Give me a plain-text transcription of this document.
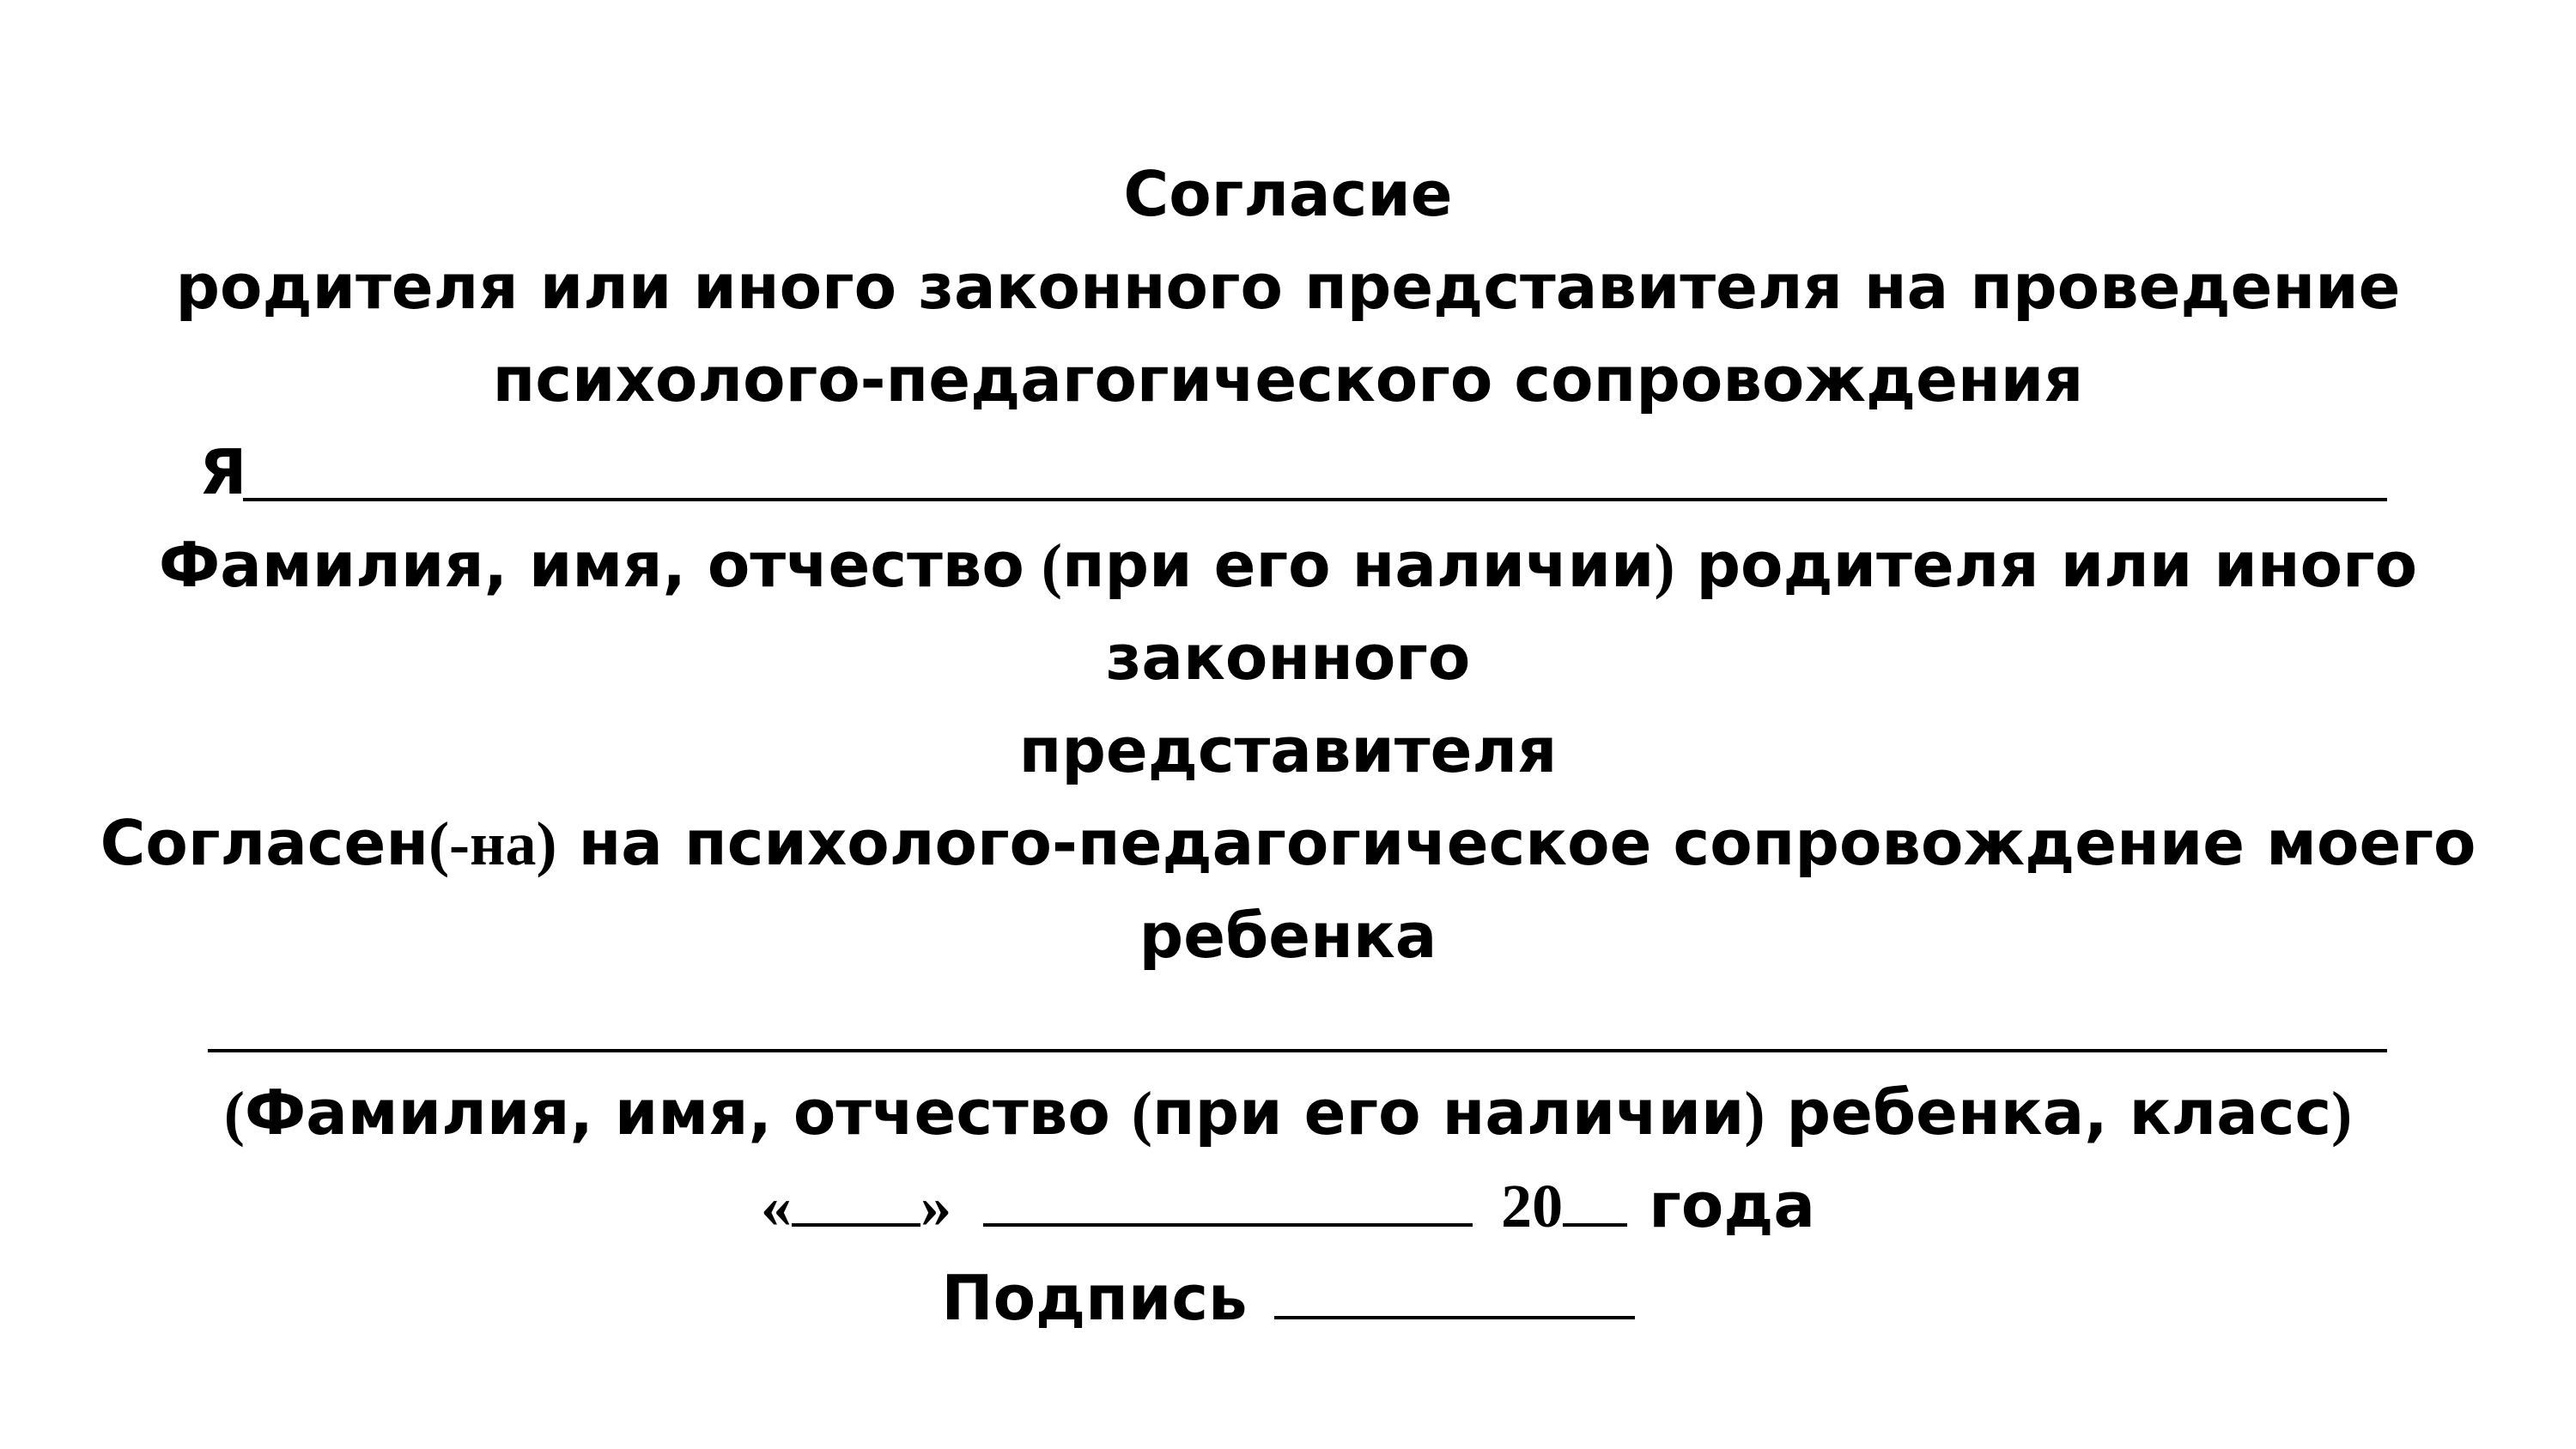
Согласие
родителя или иного законного представителя на проведение
психолого-педагогического сопровождения
Я
Фамилия, имя, отчество (при его наличии) родителя или иного
законного
представителя
Согласен(-на) на психолого-педагогическое сопровождение моего
ребенка
(Фамилия, имя, отчество (при его наличии) ребенка, класс)
« »	20 года
Подпись
